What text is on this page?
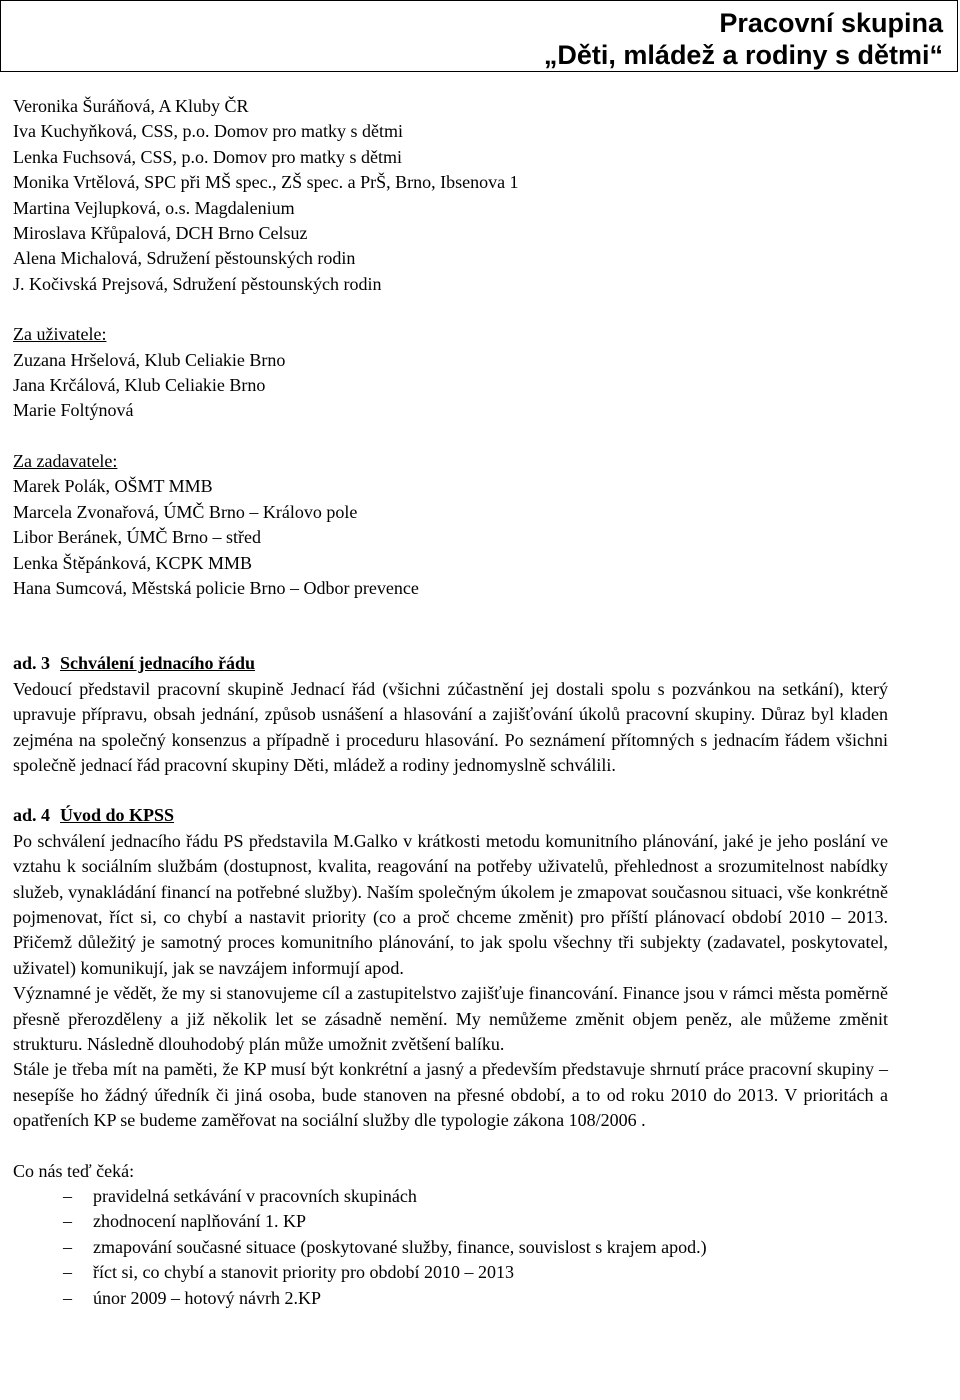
Pracovní skupina
„Děti, mládež a rodiny s dětmi“

Veronika Šuráňová, A Kluby ČR

Iva Kuchyňková, CSS, p.o. Domov pro matky s dětmi

Lenka Fuchsová, CSS, p.o. Domov pro matky s dětmi

Monika Vrtělová, SPC při MŠ spec., ZŠ spec. a PrŠ, Brno, Ibsenova 1

Martina Vejlupková, o.s. Magdalenium

Miroslava Křůpalová, DCH Brno Celsuz

Alena Michalová, Sdružení pěstounských rodin

J. Kočivská Prejsová, Sdružení pěstounských rodin

Za uživatele:

Zuzana Hršelová, Klub Celiakie Brno

Jana Krčálová, Klub Celiakie Brno

Marie Foltýnová

Za zadavatele:

Marek Polák, OŠMT MMB

Marcela Zvonařová, ÚMČ Brno – Královo pole

Libor Beránek, ÚMČ Brno – střed

Lenka Štěpánková, KCPK MMB

Hana Sumcová, Městská policie Brno – Odbor prevence

ad. 3 Schválení jednacího řádu

Vedoucí představil pracovní skupině Jednací řád (všichni zúčastnění jej dostali spolu s pozvánkou na setkání), který upravuje přípravu, obsah jednání, způsob usnášení a hlasování a zajišťování úkolů pracovní skupiny. Důraz byl kladen zejména na společný konsenzus a případně i proceduru hlasování. Po seznámení přítomných s jednacím řádem všichni společně jednací řád pracovní skupiny Děti, mládež a rodiny jednomyslně schválili.

ad. 4 Úvod do KPSS

Po schválení jednacího řádu PS představila M.Galko v krátkosti metodu komunitního plánování, jaké je jeho poslání ve vztahu k sociálním službám (dostupnost, kvalita, reagování na potřeby uživatelů, přehlednost a srozumitelnost nabídky služeb, vynakládání financí na potřebné služby). Naším společným úkolem je zmapovat současnou situaci, vše konkrétně pojmenovat, říct si, co chybí a nastavit priority (co a proč chceme změnit) pro příští plánovací období 2010 – 2013. Přičemž důležitý je samotný proces komunitního plánování, to jak spolu všechny tři subjekty (zadavatel, poskytovatel, uživatel) komunikují, jak se navzájem informují apod.

Významné je vědět, že my si stanovujeme cíl a zastupitelstvo zajišťuje financování. Finance jsou v rámci města poměrně přesně přerozděleny a již několik let se zásadně nemění. My nemůžeme změnit objem peněz, ale můžeme změnit strukturu. Následně dlouhodobý plán může umožnit zvětšení balíku.

Stále je třeba mít na paměti, že KP musí být konkrétní a jasný a především představuje shrnutí práce pracovní skupiny – nesepíše ho žádný úředník či jiná osoba, bude stanoven na přesné období, a to od roku 2010 do 2013. V prioritách a opatřeních KP se budeme zaměřovat na sociální služby dle typologie zákona 108/2006 .

Co nás teď čeká:

– pravidelná setkávání v pracovních skupinách
– zhodnocení naplňování 1. KP
– zmapování současné situace (poskytované služby, finance, souvislost s krajem apod.)
– říct si, co chybí a stanovit priority pro období 2010 – 2013
– únor 2009 – hotový návrh 2.KP
